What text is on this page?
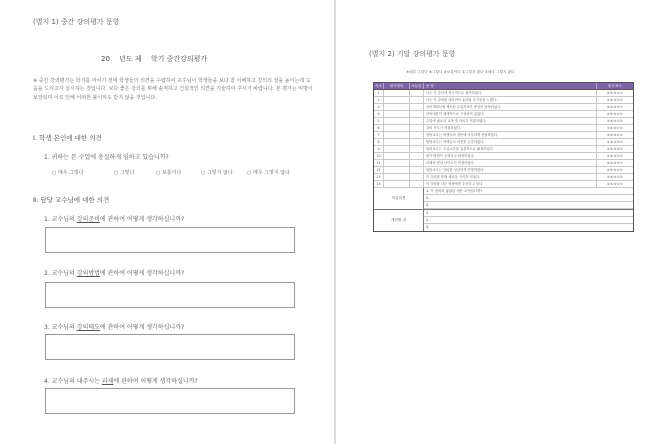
(별지 1) 중간 강의평가 문항
20　 년도 제　 학기 중간강의평가
※ 중간 강의평가는 학기를 마치기 전에 학생들의 의견을 수렴하여 교수님이 학생들을 보다 잘 이해하고 강의의 질을 높이는데 도움을 드리고자 실시하는 것입니다. 보다 좋은 강의를 위해 솔직하고 건설적인 의견을 기술하여 주시기 바랍니다. 본 평가는 익명이 보장되며 이로 인해 어떠한 불이익도 받지 않을 것입니다.
Ⅰ. 학생 본인에 대한 의견
1. 귀하는 본 수업에 충실하게 임하고 있습니까?
○ 매우 그렇다	○ 그렇다	○ 보통이다	○ 그렇지 않다	○ 매우 그렇지 않다
Ⅱ. 담당 교수님에 대한 의견
1. 교수님의 강의준비에 관하여 어떻게 생각하십니까?
2. 교수님의 강의방법에 관하여 어떻게 생각하십니까?
3. 교수님의 강의태도에 관하여 어떻게 생각하십니까?
4. 교수님의 내주시는 과제에 관하여 어떻게 생각하십니까?
(별지 2) 기말 강의평가 문항
⑤매우 그렇다 ④그렇다 ③보통이다 ②그렇지 않다 ①매우 그렇지 않다
번호	평가영역	소분류	문 항	평가척도
1	나는 이 강의에 적극적으로 참여하였다.	⑤④③②①
2	나는 이 강의를 대하면서 흥미와 호기심을 느꼈다.	⑤④③②①
3	강의계획서에 제시된 수업목표가 충실히 달성되었다.	⑤④③②①
4	강의내용이 체계적으로 구성되어 있었다.	⑤④③②①
5	수업에 필요한 교재 및 자료가 적절하였다.	⑤④③②①
6	강의 진도가 적절하였다.	⑤④③②①
7	담당교수는 학생들의 질문에 성실하게 응답하였다.	⑤④③②①
8	담당교수는 학생들의 의견을 존중하였다.	⑤④③②①
9	담당교수는 수업시간을 효율적으로 활용하였다.	⑤④③②①
10	평가 방법이 공정하고 타당하였다.	⑤④③②①
11	과제의 양과 난이도가 적절하였다.	⑤④③②①
12	담당교수는 강의를 성실하게 진행하였다.	⑤④③②①
13	이 강의를 통해 새로운 지식을 얻었다.	⑤④③②①
14	이 강의를 다른 학생에게 추천하고 싶다.	⑤④③②①
자유의견
1. 이 강의의 좋았던 점은 무엇입니까?
2.
3.
개선할 점
1.
2.
3.
